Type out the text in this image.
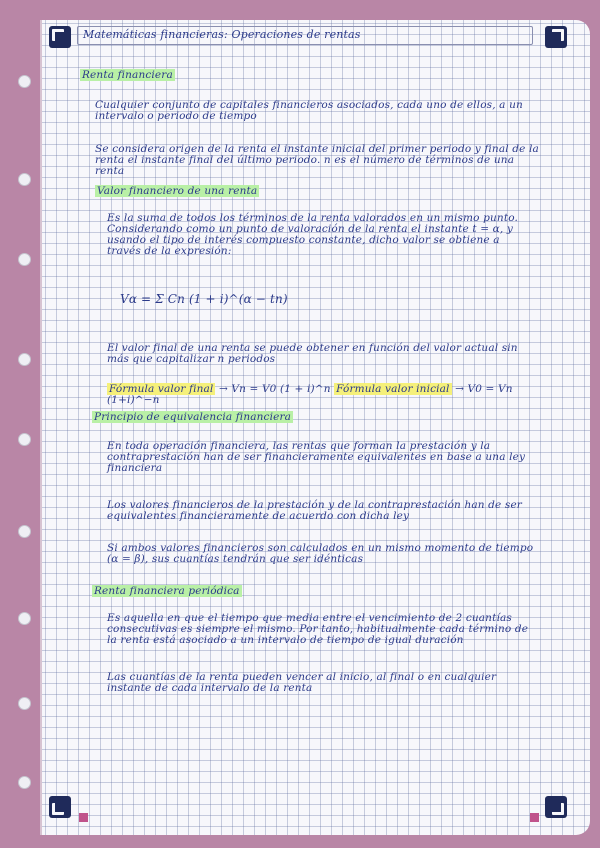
Matemáticas financieras: Operaciones de rentas
Renta financiera

Cualquier conjunto de capitales financieros asociados, cada uno de ellos, a un intervalo o periodo de tiempo

Se considera origen de la renta el instante inicial del primer periodo y final de la renta el instante final del último periodo. n es el número de términos de una renta

Valor financiero de una renta

Es la suma de todos los términos de la renta valorados en un mismo punto. Considerando como un punto de valoración de la renta el instante t = α, y usando el tipo de interés compuesto constante, dicho valor se obtiene a través de la expresión:

Vα = Σ Cn (1 + i)^(α − tn)

El valor final de una renta se puede obtener en función del valor actual sin más que capitalizar n periodos

Fórmula valor final → Vn = V0 (1 + i)^n Fórmula valor inicial → V0 = Vn (1+i)^−n
Principio de equivalencia financiera

En toda operación financiera, las rentas que forman la prestación y la contraprestación han de ser financieramente equivalentes en base a una ley financiera

Los valores financieros de la prestación y de la contraprestación han de ser equivalentes financieramente de acuerdo con dicha ley

Si ambos valores financieros son calculados en un mismo momento de tiempo (α = β), sus cuantías tendrán que ser idénticas

Renta financiera periódica

Es aquella en que el tiempo que media entre el vencimiento de 2 cuantías consecutivas es siempre el mismo. Por tanto, habitualmente cada término de la renta está asociado a un intervalo de tiempo de igual duración

Las cuantías de la renta pueden vencer al inicio, al final o en cualquier instante de cada intervalo de la renta
